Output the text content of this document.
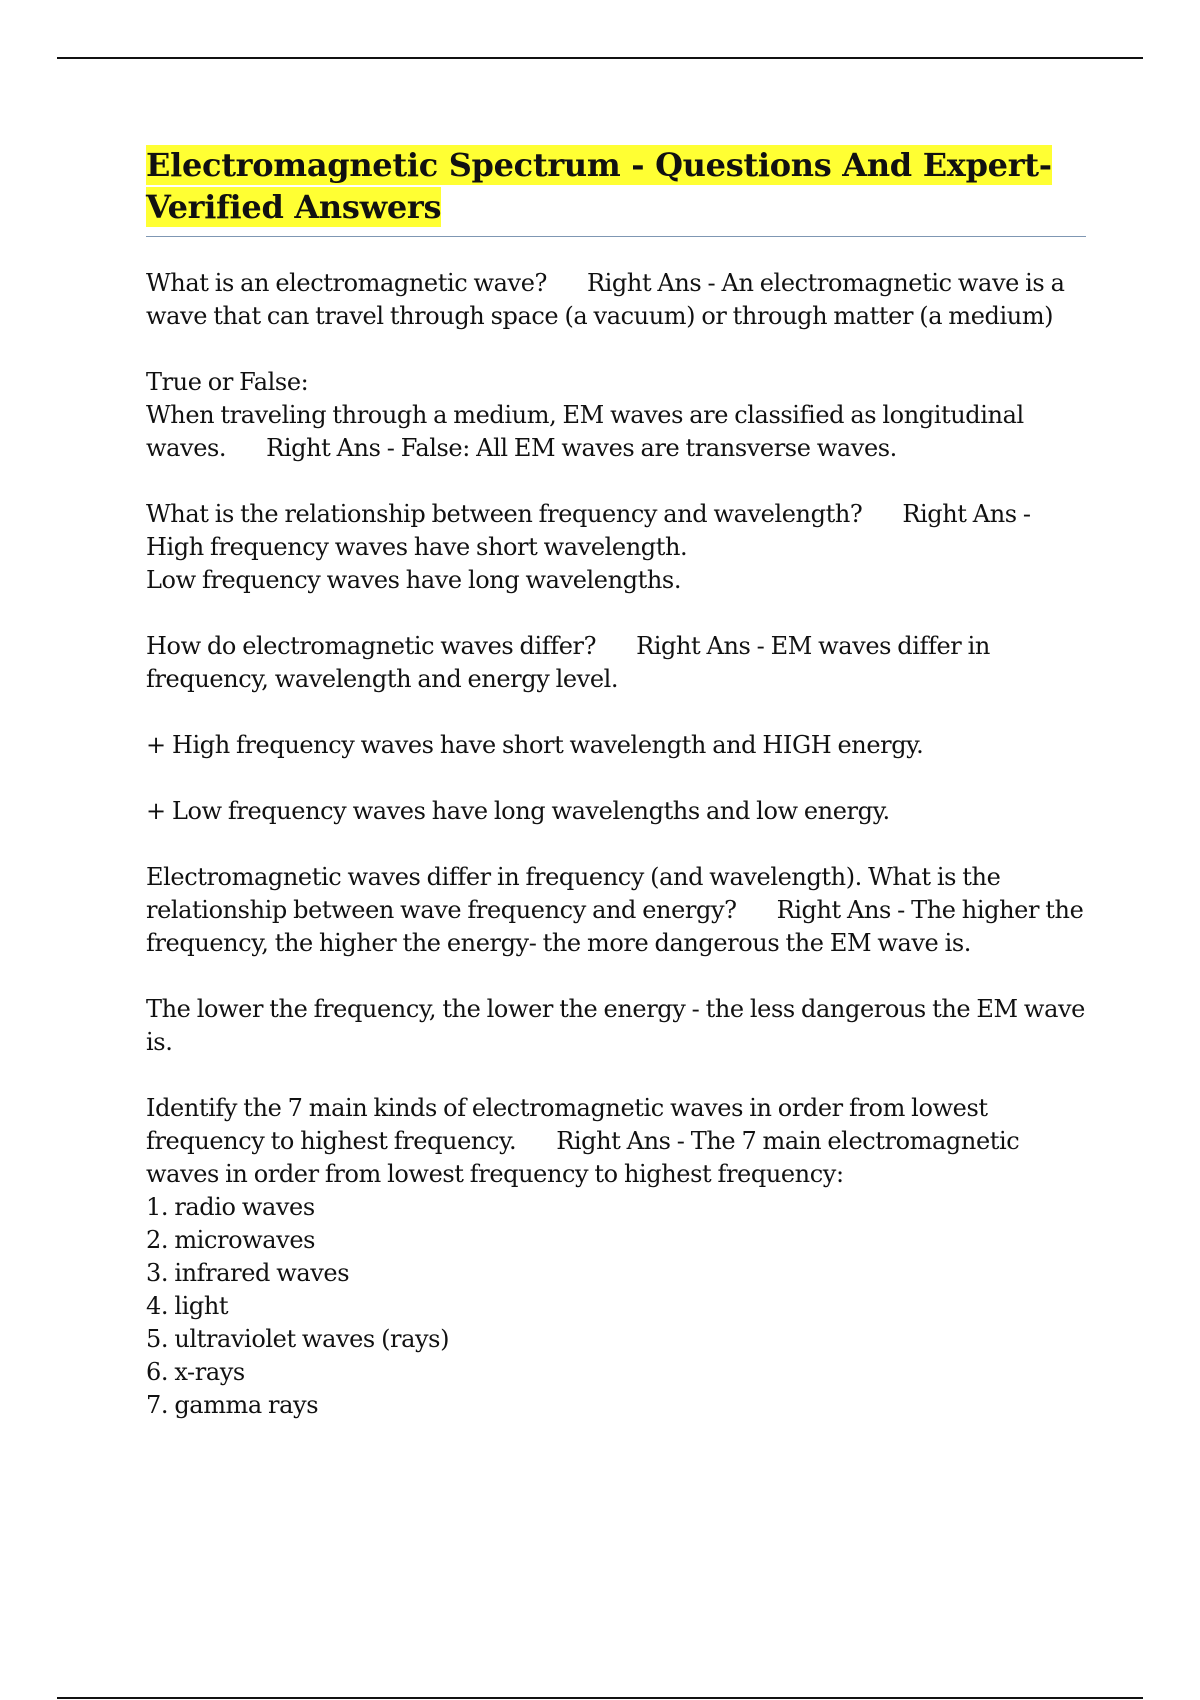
Electromagnetic Spectrum - Questions And Expert-Verified Answers

What is an electromagnetic wave? Right Ans - An electromagnetic wave is a wave that can travel through space (a vacuum) or through matter (a medium)

True or False:

When traveling through a medium, EM waves are classified as longitudinal waves. Right Ans - False: All EM waves are transverse waves.

What is the relationship between frequency and wavelength? Right Ans - High frequency waves have short wavelength.

Low frequency waves have long wavelengths.

How do electromagnetic waves differ? Right Ans - EM waves differ in frequency, wavelength and energy level.

+ High frequency waves have short wavelength and HIGH energy.

+ Low frequency waves have long wavelengths and low energy.

Electromagnetic waves differ in frequency (and wavelength). What is the relationship between wave frequency and energy? Right Ans - The higher the frequency, the higher the energy- the more dangerous the EM wave is.

The lower the frequency, the lower the energy - the less dangerous the EM wave is.

Identify the 7 main kinds of electromagnetic waves in order from lowest frequency to highest frequency. Right Ans - The 7 main electromagnetic waves in order from lowest frequency to highest frequency:

1. radio waves

2. microwaves

3. infrared waves

4. light

5. ultraviolet waves (rays)

6. x-rays

7. gamma rays
